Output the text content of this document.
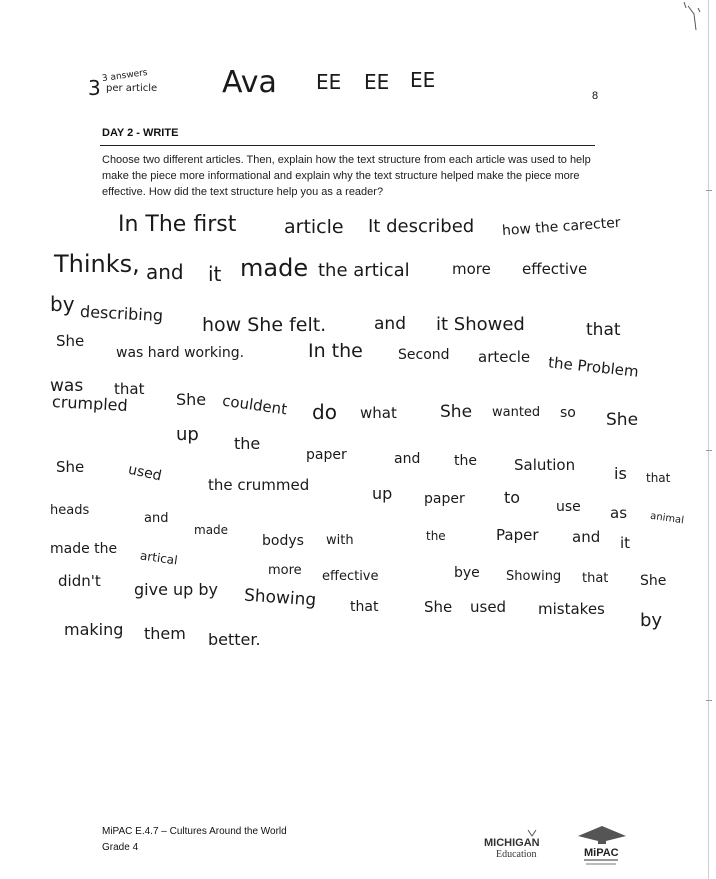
3 3 answers
per article Ava EE EE EE
8
DAY 2 - WRITE
Choose two different articles. Then, explain how the text structure from each article was used to help make the piece more informational and explain why the text structure helped make the piece more effective. How did the text structure help you as a reader?
In The first	article It described how the carecter
Thinks, and it made the artical	more effective
by describing how She felt.	and it Showed	that
She
was hard working.	In the	Second artecle the Problem
was that
She couldent do what	She wanted so She
crumpled
up the
paper	and the Salution is that
She	used
the crummed	up paper to	use as animal
heads
and
made
bodys with	the	Paper and it
made the artical
more effective	bye Showing that She
didn't give up by Showing that	She used mistakes
by
making them better.
MiPAC E.4.7 – Cultures Around the World
Grade 4	MICHIGAN
Education	MiPAC
